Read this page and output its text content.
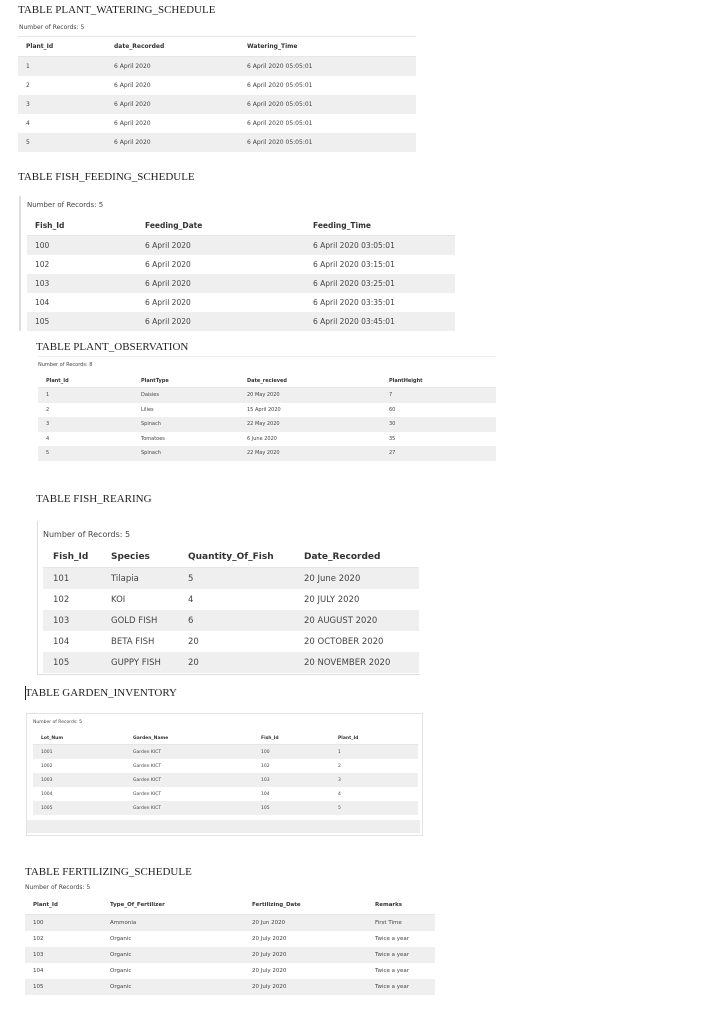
TABLE PLANT_WATERING_SCHEDULE
Number of Records: 5
Plant_Id	date_Recorded	Watering_Time
1	6 April 2020	6 April 2020 05:05:01
2	6 April 2020	6 April 2020 05:05:01
3	6 April 2020	6 April 2020 05:05:01
4	6 April 2020	6 April 2020 05:05:01
5	6 April 2020	6 April 2020 05:05:01
TABLE FISH_FEEDING_SCHEDULE
Number of Records: 5
Fish_Id	Feeding_Date	Feeding_Time
100	6 April 2020	6 April 2020 03:05:01
102	6 April 2020	6 April 2020 03:15:01
103	6 April 2020	6 April 2020 03:25:01
104	6 April 2020	6 April 2020 03:35:01
105	6 April 2020	6 April 2020 03:45:01
TABLE PLANT_OBSERVATION
Number of Records: 8
Plant_Id	PlantType	Date_recieved	PlantHeight
1	Daisies	20 May 2020	7
2	Lilies	15 April 2020	60
3	Spinach	22 May 2020	30
4	Tomatoes	6 June 2020	35
5	Spinach	22 May 2020	27
TABLE FISH_REARING
Number of Records: 5
Fish_Id	Species	Quantity_Of_Fish	Date_Recorded
101	Tilapia	5	20 June 2020
102	KOI	4	20 JULY 2020
103	GOLD FISH	6	20 AUGUST 2020
104	BETA FISH	20	20 OCTOBER 2020
105	GUPPY FISH	20	20 NOVEMBER 2020
TABLE GARDEN_INVENTORY
Number of Records: 5
Lot_Num	Garden_Name	Fish_Id	Plant_Id
1001	Garden KICT	100	1
1002	Garden KICT	102	2
1003	Garden KICT	103	3
1004	Garden KICT	104	4
1005	Garden KICT	105	5
TABLE FERTILIZING_SCHEDULE
Number of Records: 5
Plant_Id	Type_Of_Fertilizer	Fertilizing_Date	Remarks
100	Ammonia	20 Jun 2020	First Time
102	Organic	20 July 2020	Twice a year
103	Organic	20 July 2020	Twice a year
104	Organic	20 July 2020	Twice a year
105	Organic	20 July 2020	Twice a year
